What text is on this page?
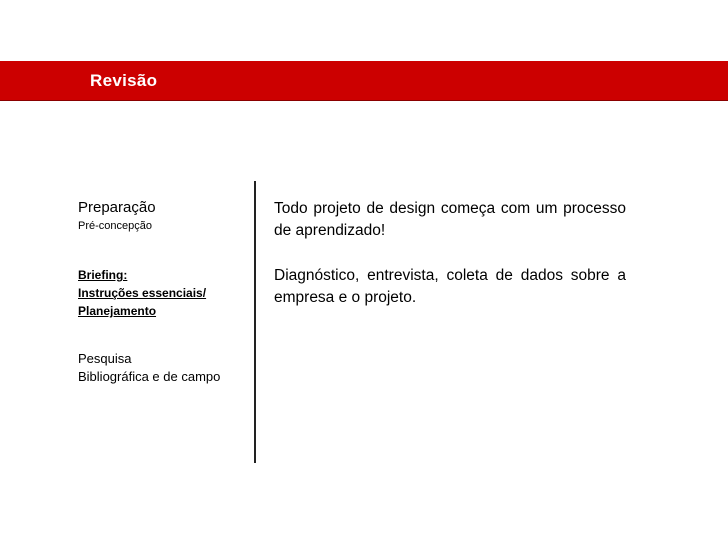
Revisão
Preparação
Pré-concepção
Briefing:
Instruções essenciais/
Planejamento
Pesquisa
Bibliográfica e de campo
Todo projeto de design começa com um processo de aprendizado!
Diagnóstico, entrevista, coleta de dados sobre a empresa e o projeto.
